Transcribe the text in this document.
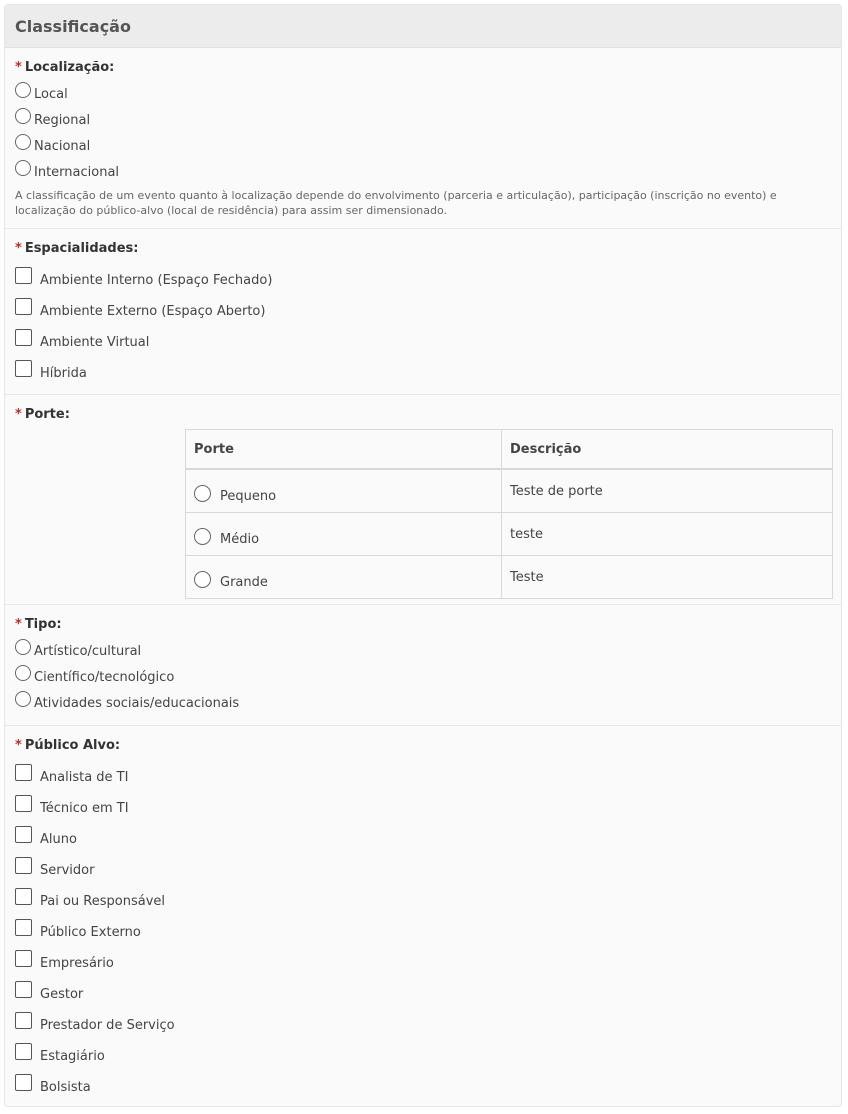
Classificação
* Localização:
Local
Regional
Nacional
Internacional
A classificação de um evento quanto à localização depende do envolvimento (parceria e articulação), participação (inscrição no evento) e localização do público-alvo (local de residência) para assim ser dimensionado.
* Espacialidades:
Ambiente Interno (Espaço Fechado)
Ambiente Externo (Espaço Aberto)
Ambiente Virtual
Híbrida
* Porte:
Porte	Descrição

Pequeno	Teste de porte

Médio	teste

Grande	Teste
* Tipo:
Artístico/cultural
Científico/tecnológico
Atividades sociais/educacionais
* Público Alvo:
Analista de TI
Técnico em TI
Aluno
Servidor
Pai ou Responsável
Público Externo
Empresário
Gestor
Prestador de Serviço
Estagiário
Bolsista
